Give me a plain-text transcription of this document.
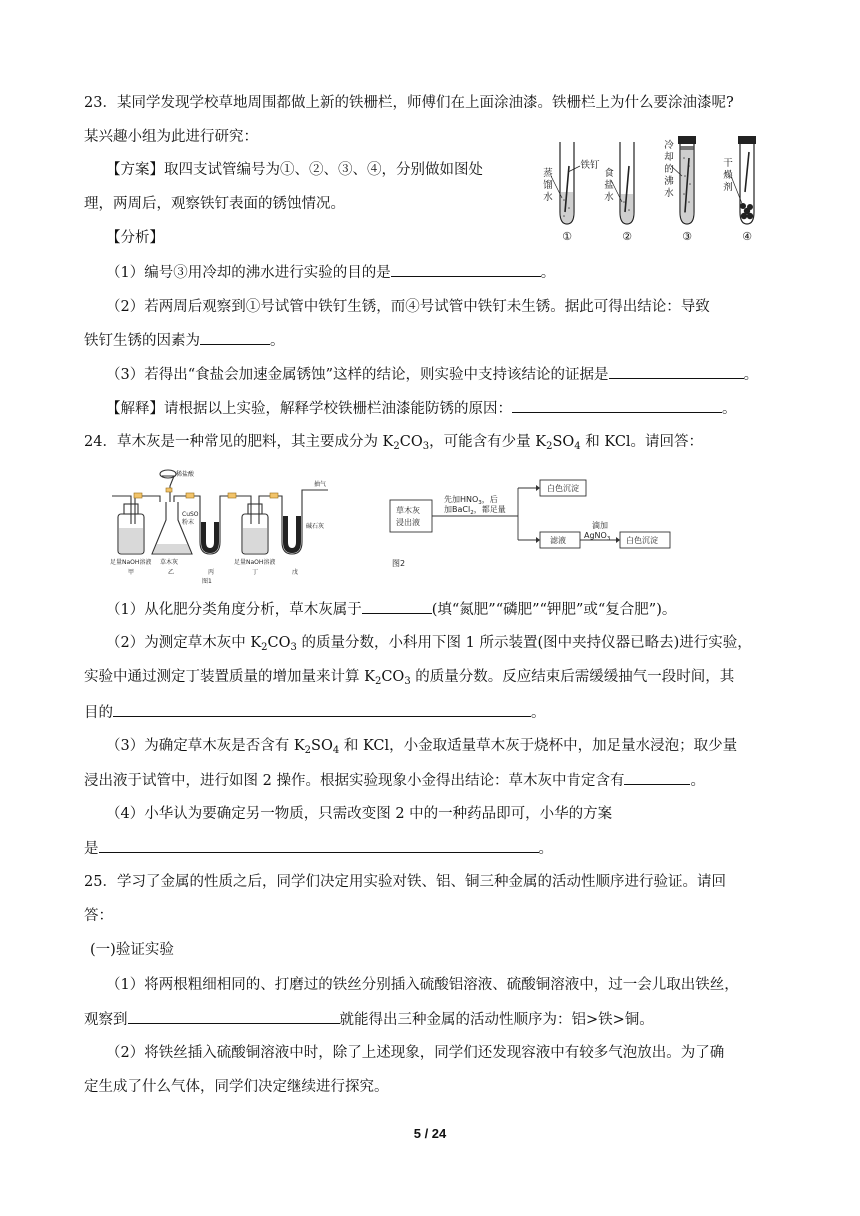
23．某同学发现学校草地周围都做上新的铁栅栏，师傅们在上面涂油漆。铁栅栏上为什么要涂油漆呢?
某兴趣小组为此进行研究：
【方案】取四支试管编号为①、②、③、④，分别做如图处
理，两周后，观察铁钉表面的锈蚀情况。
【分析】
（1）编号③用冷却的沸水进行实验的目的是	。
（2）若两周后观察到①号试管中铁钉生锈，而④号试管中铁钉未生锈。据此可得出结论：导致
铁钉生锈的因素为	。
（3）若得出“食盐会加速金属锈蚀”这样的结论，则实验中支持该结论的证据是	。
【解释】请根据以上实验，解释学校铁栅栏油漆能防锈的原因：	。
蒸
馏
水
铁钉
食
盐
水
冷
却
的
沸
水
干
燥
剂
①	②	③	④
24．草木灰是一种常见的肥料，其主要成分为 $K_2CO_3$，可能含有少量 $K_2SO_4$ 和 KCl。请回答：
稀盐酸
抽气
CuSO
粉末
碱石灰
足量NaOH溶液 草木灰	足量NaOH溶液
甲	乙	丙	丁	戊
图1
草木灰
浸出液
先加$HNO_3$，后
加BaCl$_2$，都足量
白色沉淀
滤液
滴加
AgNO$_3$ 白色沉淀
图2
（1）从化肥分类角度分析，草木灰属于	(填“氮肥”“磷肥”“钾肥”或“复合肥”)。
（2）为测定草木灰中 $K_2CO_3$ 的质量分数，小科用下图 1 所示装置(图中夹持仪器已略去)进行实验，
实验中通过测定丁装置质量的增加量来计算 $K_2CO_3$ 的质量分数。反应结束后需缓缓抽气一段时间，其
目的	。
（3）为确定草木灰是否含有 $K_2SO_4$ 和 KCl，小金取适量草木灰于烧杯中，加足量水浸泡；取少量
浸出液于试管中，进行如图 2 操作。根据实验现象小金得出结论：草木灰中肯定含有	。
（4）小华认为要确定另一物质，只需改变图 2 中的一种药品即可，小华的方案
是	。
25．学习了金属的性质之后，同学们决定用实验对铁、铝、铜三种金属的活动性顺序进行验证。请回
答：
(一)验证实验
（1）将两根粗细相同的、打磨过的铁丝分别插入硫酸铝溶液、硫酸铜溶液中，过一会儿取出铁丝，
观察到	就能得出三种金属的活动性顺序为：铝>铁>铜。
（2）将铁丝插入硫酸铜溶液中时，除了上述现象，同学们还发现容液中有较多气泡放出。为了确
定生成了什么气体，同学们决定继续进行探究。
5 / 24
